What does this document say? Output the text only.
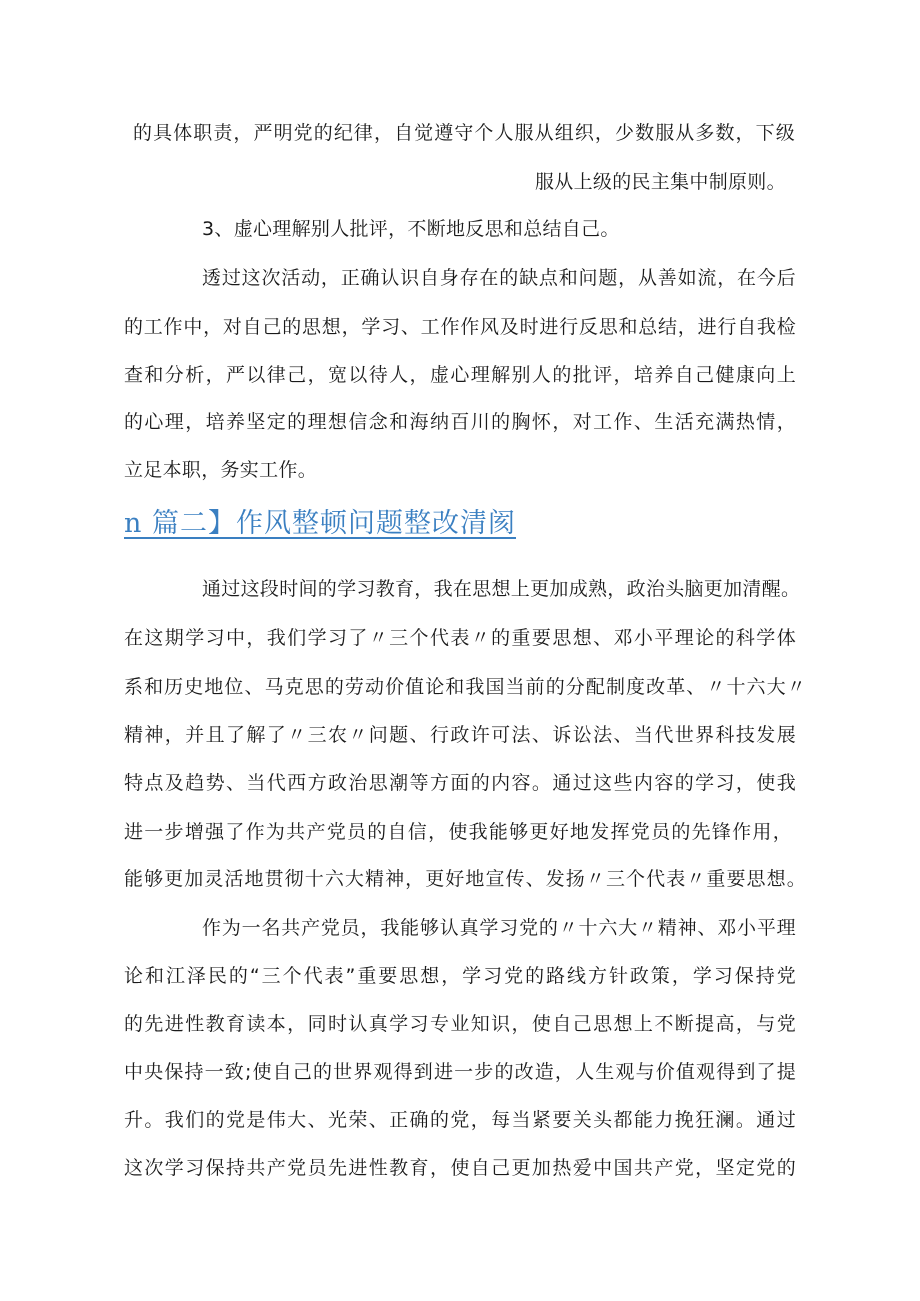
的具体职责，严明党的纪律，自觉遵守个人服从组织，少数服从多数，下级
服从上级的民主集中制原则。
3、虚心理解别人批评，不断地反思和总结自己。
透过这次活动，正确认识自身存在的缺点和问题，从善如流，在今后
的工作中，对自己的思想，学习、工作作风及时进行反思和总结，进行自我检
查和分析，严以律己，宽以待人，虚心理解别人的批评，培养自己健康向上
的心理，培养坚定的理想信念和海纳百川的胸怀，对工作、生活充满热情，
立足本职，务实工作。
n 篇二】作风整顿问题整改清阂
通过这段时间的学习教育，我在思想上更加成熟，政治头脑更加清醒。
在这期学习中，我们学习了〃三个代表〃的重要思想、邓小平理论的科学体
系和历史地位、马克思的劳动价值论和我国当前的分配制度改革、〃十六大〃
精神，并且了解了〃三农〃问题、行政许可法、诉讼法、当代世界科技发展
特点及趋势、当代西方政治思潮等方面的内容。通过这些内容的学习，使我
进一步增强了作为共产党员的自信，使我能够更好地发挥党员的先锋作用，
能够更加灵活地贯彻十六大精神，更好地宣传、发扬〃三个代表〃重要思想。
作为一名共产党员，我能够认真学习党的〃十六大〃精神、邓小平理
论和江泽民的“三个代表”重要思想，学习党的路线方针政策，学习保持党
的先进性教育读本，同时认真学习专业知识，使自己思想上不断提高，与党
中央保持一致;使自己的世界观得到进一步的改造，人生观与价值观得到了提
升。我们的党是伟大、光荣、正确的党，每当紧要关头都能力挽狂澜。通过
这次学习保持共产党员先进性教育，使自己更加热爱中国共产党，坚定党的
